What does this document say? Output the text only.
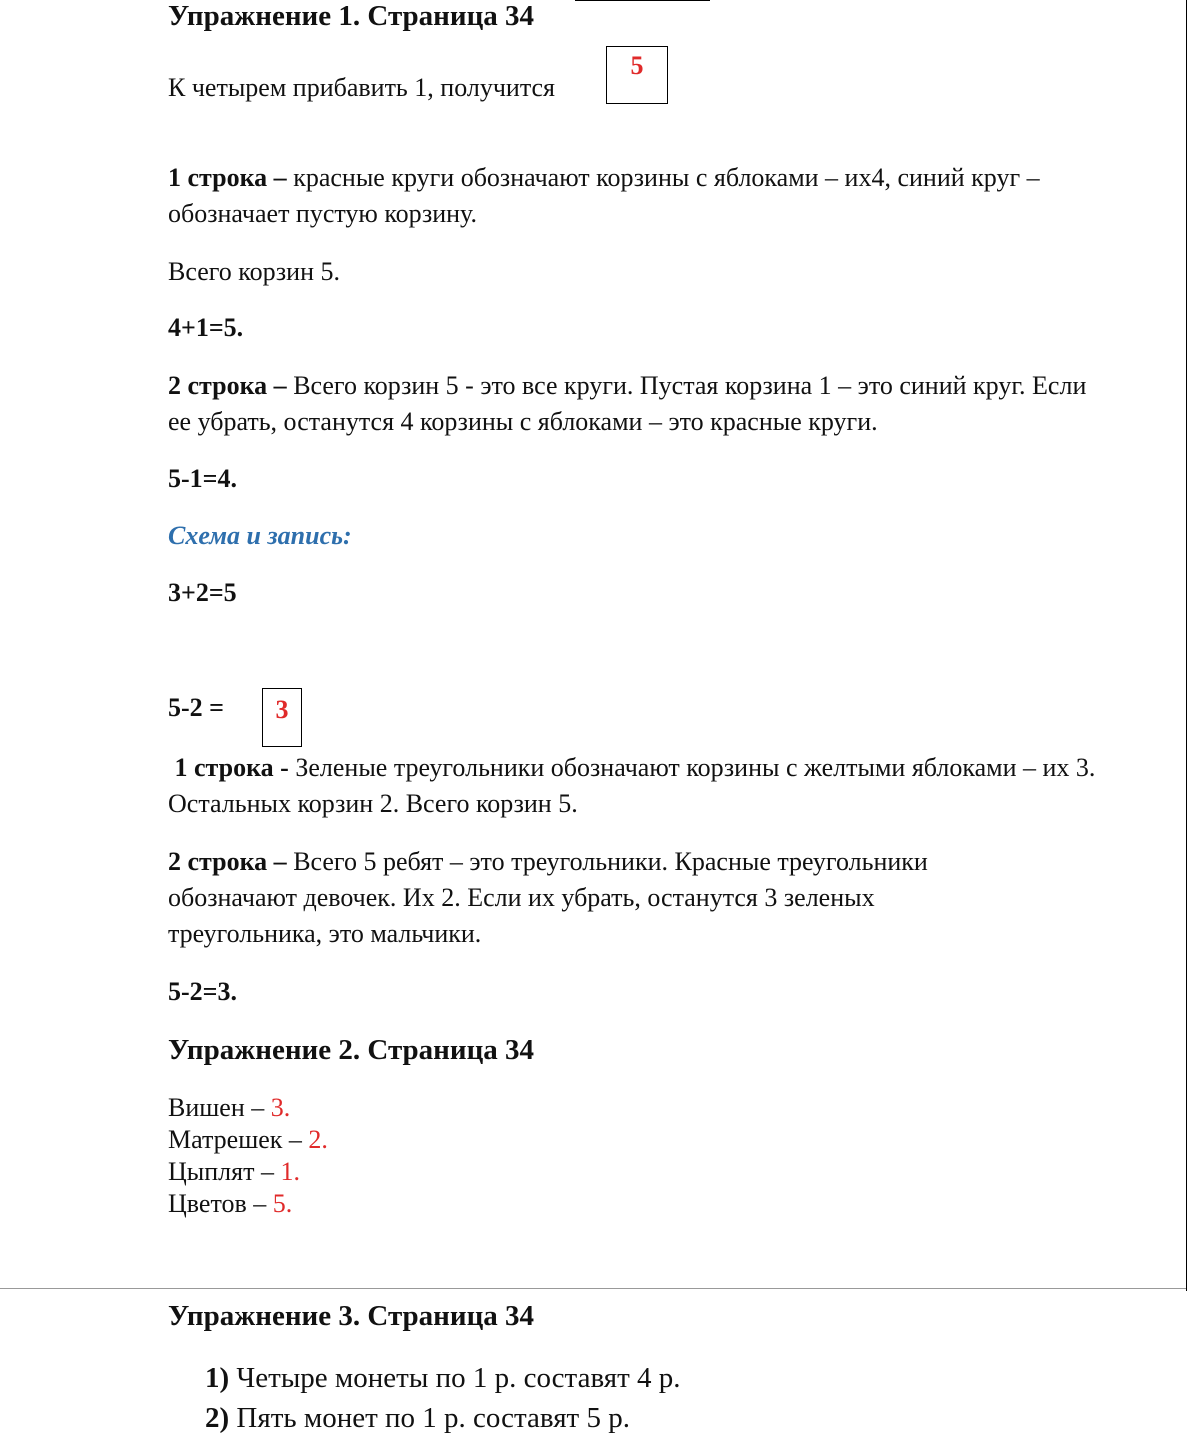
Упражнение 1. Страница 34

К четырем прибавить 1, получится

5

1 строка – красные круги обозначают корзины с яблоками – их4, синий круг – обозначает пустую корзину.

Всего корзин 5.

4+1=5.

2 строка – Всего корзин 5 - это все круги. Пустая корзина 1 – это синий круг. Если ее убрать, останутся 4 корзины с яблоками – это красные круги.

5-1=4.

Схема и запись:

3+2=5

5-2 =	3

1 строка - Зеленые треугольники обозначают корзины с желтыми яблоками – их 3. Остальных корзин 2. Всего корзин 5.

2 строка – Всего 5 ребят – это треугольники. Красные треугольники обозначают девочек. Их 2. Если их убрать, останутся 3 зеленых треугольника, это мальчики.

5-2=3.

Упражнение 2. Страница 34

Вишен – 3.
Матрешек – 2.
Цыплят – 1.
Цветов – 5.

Упражнение 3. Страница 34

1) Четыре монеты по 1 р. составят 4 р.
2) Пять монет по 1 р. составят 5 р.
